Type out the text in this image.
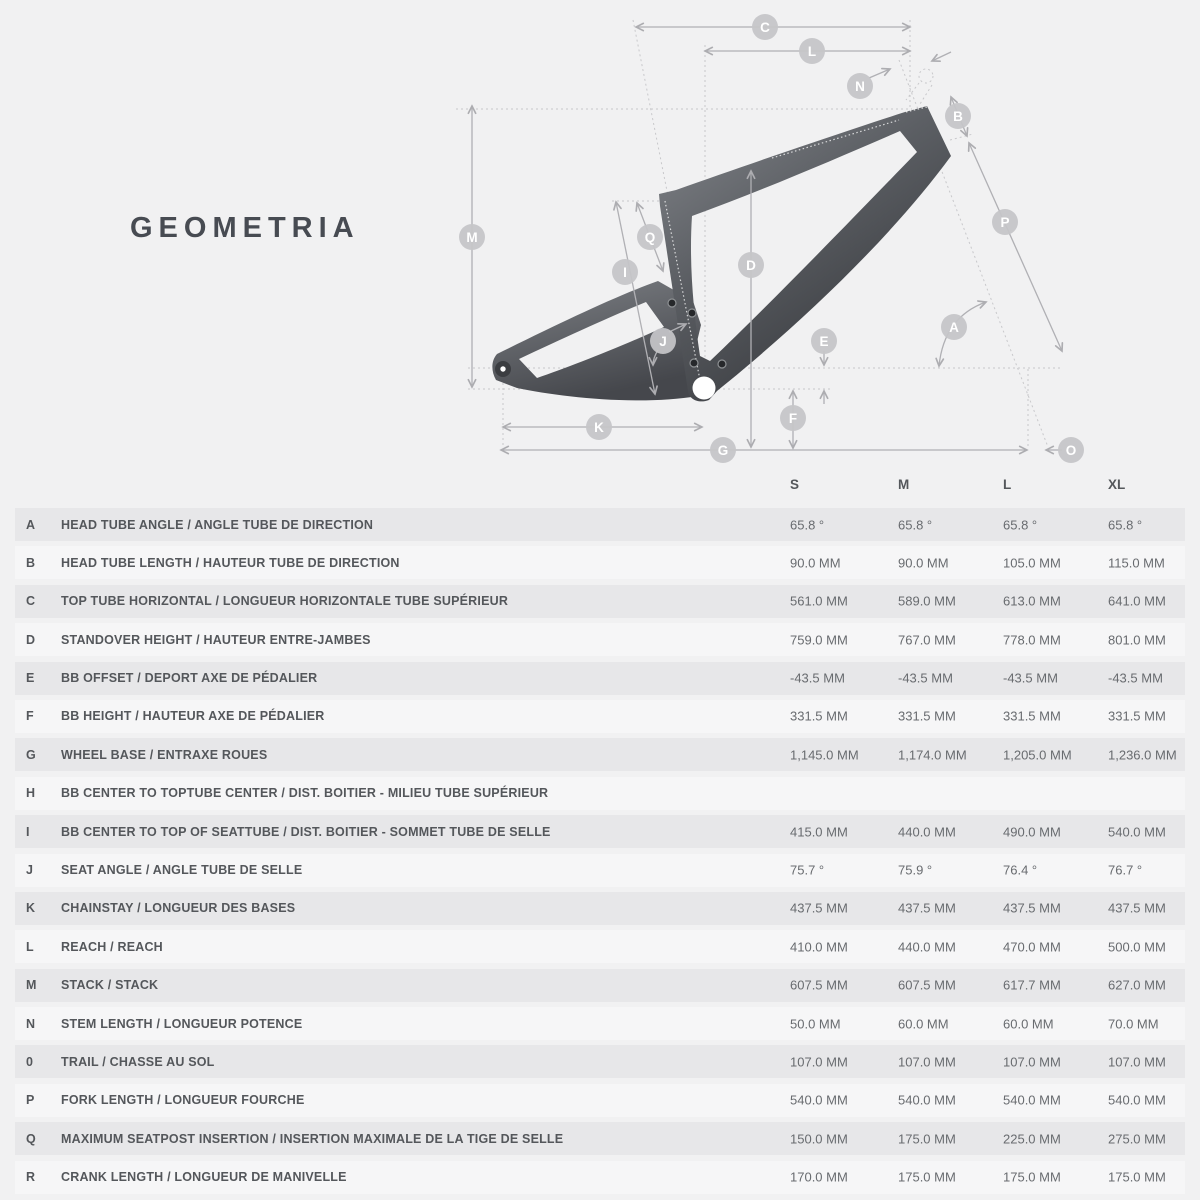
GEOMETRIA
C
L
N
B
P
M	Q
I	D
J	E
A
F
K
G	O
S	M	L	XL
A	HEAD TUBE ANGLE / ANGLE TUBE DE DIRECTION	65.8 °	65.8 °	65.8 °	65.8 °
B	HEAD TUBE LENGTH / HAUTEUR TUBE DE DIRECTION	90.0 MM	90.0 MM	105.0 MM	115.0 MM
C	TOP TUBE HORIZONTAL / LONGUEUR HORIZONTALE TUBE SUPÉRIEUR	561.0 MM	589.0 MM	613.0 MM	641.0 MM
D	STANDOVER HEIGHT / HAUTEUR ENTRE-JAMBES	759.0 MM	767.0 MM	778.0 MM	801.0 MM
E	BB OFFSET / DEPORT AXE DE PÉDALIER	-43.5 MM	-43.5 MM	-43.5 MM	-43.5 MM
F	BB HEIGHT / HAUTEUR AXE DE PÉDALIER	331.5 MM	331.5 MM	331.5 MM	331.5 MM
G	WHEEL BASE / ENTRAXE ROUES	1,145.0 MM	1,174.0 MM	1,205.0 MM	1,236.0 MM
H	BB CENTER TO TOPTUBE CENTER / DIST. BOITIER - MILIEU TUBE SUPÉRIEUR
I	BB CENTER TO TOP OF SEATTUBE / DIST. BOITIER - SOMMET TUBE DE SELLE	415.0 MM	440.0 MM	490.0 MM	540.0 MM
J	SEAT ANGLE / ANGLE TUBE DE SELLE	75.7 °	75.9 °	76.4 °	76.7 °
K	CHAINSTAY / LONGUEUR DES BASES	437.5 MM	437.5 MM	437.5 MM	437.5 MM
L	REACH / REACH	410.0 MM	440.0 MM	470.0 MM	500.0 MM
M	STACK / STACK	607.5 MM	607.5 MM	617.7 MM	627.0 MM
N	STEM LENGTH / LONGUEUR POTENCE	50.0 MM	60.0 MM	60.0 MM	70.0 MM
0	TRAIL / CHASSE AU SOL	107.0 MM	107.0 MM	107.0 MM	107.0 MM
P	FORK LENGTH / LONGUEUR FOURCHE	540.0 MM	540.0 MM	540.0 MM	540.0 MM
Q	MAXIMUM SEATPOST INSERTION / INSERTION MAXIMALE DE LA TIGE DE SELLE	150.0 MM	175.0 MM	225.0 MM	275.0 MM
R	CRANK LENGTH / LONGUEUR DE MANIVELLE	170.0 MM	175.0 MM	175.0 MM	175.0 MM
